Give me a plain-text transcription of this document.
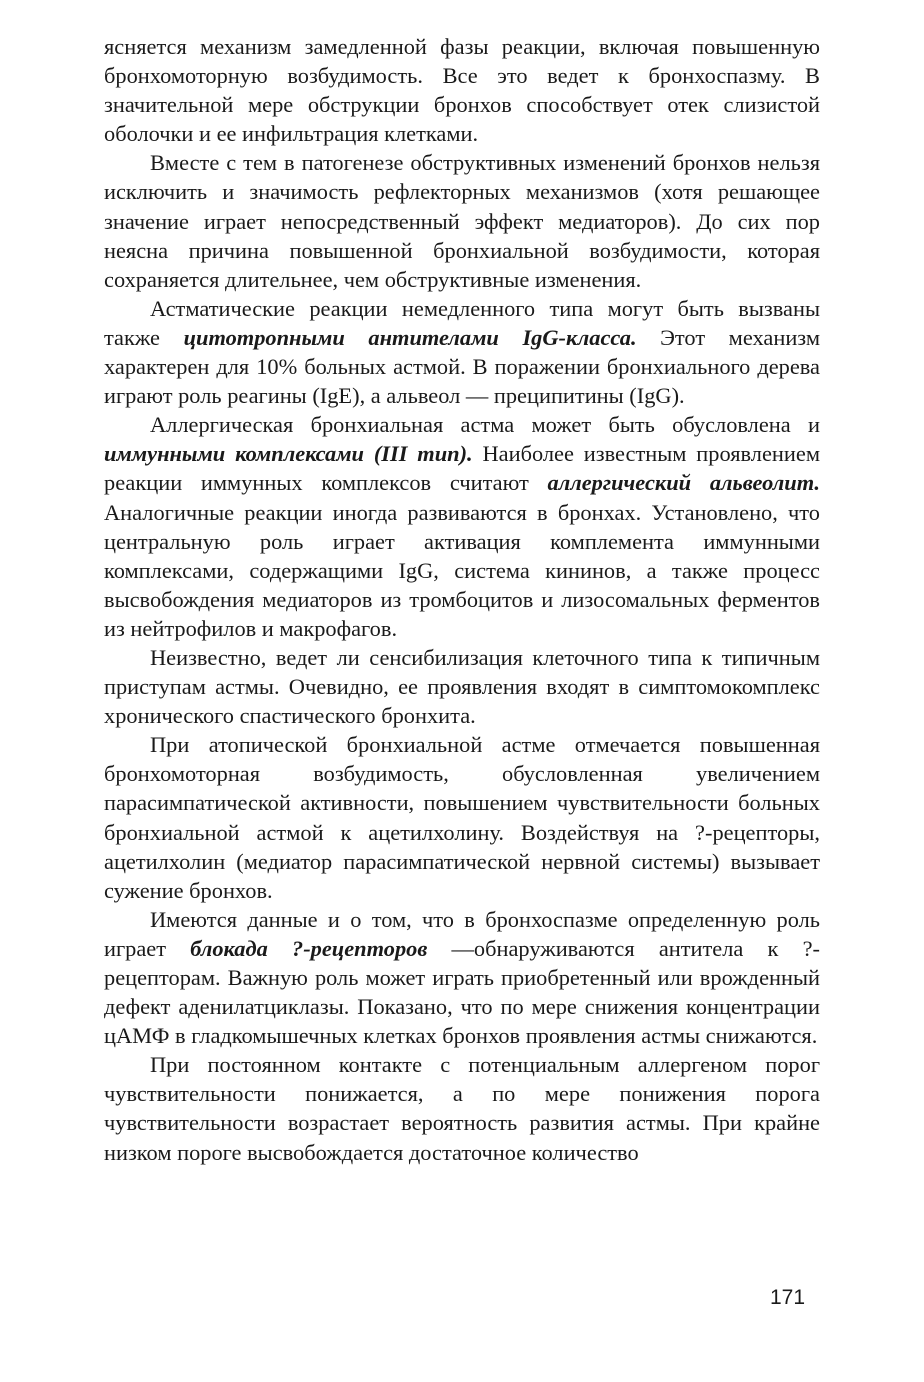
ясняется механизм замедленной фазы реакции, включая повышенную бронхомоторную возбудимость. Все это ведет к бронхоспазму. В значительной мере обструкции бронхов способствует отек слизистой оболочки и ее инфильтрация клетками.

Вместе с тем в патогенезе обструктивных изменений бронхов нельзя исключить и значимость рефлекторных механизмов (хотя решающее значение играет непосредственный эффект медиаторов). До сих пор неясна причина повышенной бронхиальной возбудимости, которая сохраняется длительнее, чем обструктивные изменения.

Астматические реакции немедленного типа могут быть вызваны также цитотропными антителами IgG-класса. Этот механизм характерен для 10% больных астмой. В поражении бронхиального дерева играют роль реагины (IgE), а альвеол — преципитины (IgG).

Аллергическая бронхиальная астма может быть обусловлена и иммунными комплексами (III тип). Наиболее известным проявлением реакции иммунных комплексов считают аллергический альвеолит. Аналогичные реакции иногда развиваются в бронхах. Установлено, что центральную роль играет активация комплемента иммунными комплексами, содержащими IgG, система кининов, а также процесс высвобождения медиаторов из тромбоцитов и лизосомальных ферментов из нейтрофилов и макрофагов.

Неизвестно, ведет ли сенсибилизация клеточного типа к типичным приступам астмы. Очевидно, ее проявления входят в симптомокомплекс хронического спастического бронхита.

При атопической бронхиальной астме отмечается повышенная бронхомоторная возбудимость, обусловленная увеличением парасимпатической активности, повышением чувствительности больных бронхиальной астмой к ацетилхолину. Воздействуя на ?-рецепторы, ацетилхолин (медиатор парасимпатической нервной системы) вызывает сужение бронхов.

Имеются данные и о том, что в бронхоспазме определенную роль играет блокада ?-рецепторов —обнаруживаются антитела к ?-рецепторам. Важную роль может играть приобретенный или врожденный дефект аденилатциклазы. Показано, что по мере снижения концентрации цАМФ в гладкомышечных клетках бронхов проявления астмы снижаются.

При постоянном контакте с потенциальным аллергеном порог чувствительности понижается, а по мере понижения порога чувствительности возрастает вероятность развития астмы. При крайне низком пороге высвобождается достаточное количество

171
